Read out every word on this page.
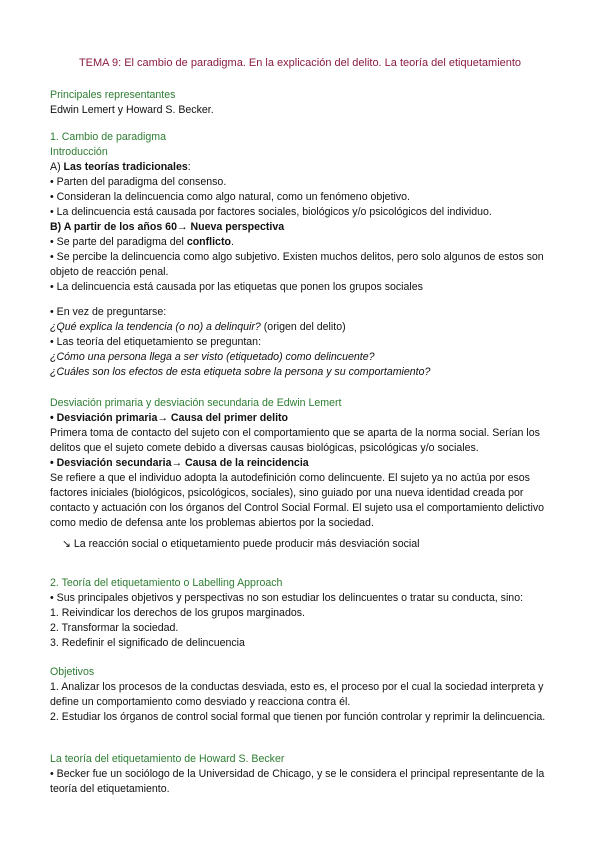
TEMA 9: El cambio de paradigma. En la explicación del delito. La teoría del etiquetamiento
Principales representantes
Edwin Lemert y Howard S. Becker.
1. Cambio de paradigma
Introducción
A) Las teorías tradicionales:
• Parten del paradigma del consenso.
• Consideran la delincuencia como algo natural, como un fenómeno objetivo.
• La delincuencia está causada por factores sociales, biológicos y/o psicológicos del individuo.
B) A partir de los años 60→ Nueva perspectiva
• Se parte del paradigma del conflicto.
• Se percibe la delincuencia como algo subjetivo. Existen muchos delitos, pero solo algunos de estos son objeto de reacción penal.
• La delincuencia está causada por las etiquetas que ponen los grupos sociales
• En vez de preguntarse:
¿Qué explica la tendencia (o no) a delinquir? (origen del delito)
• Las teoría del etiquetamiento se preguntan:
¿Cómo una persona llega a ser visto (etiquetado) como delincuente?
¿Cuáles son los efectos de esta etiqueta sobre la persona y su comportamiento?
Desviación primaria y desviación secundaria de Edwin Lemert
• Desviación primaria→ Causa del primer delito
Primera toma de contacto del sujeto con el comportamiento que se aparta de la norma social. Serían los delitos que el sujeto comete debido a diversas causas biológicas, psicológicas y/o sociales.
• Desviación secundaria→ Causa de la reincidencia
Se refiere a que el individuo adopta la autodefinición como delincuente. El sujeto ya no actúa por esos factores iniciales (biológicos, psicológicos, sociales), sino guiado por una nueva identidad creada por contacto y actuación con los órganos del Control Social Formal. El sujeto usa el comportamiento delictivo como medio de defensa ante los problemas abiertos por la sociedad.
↘ La reacción social o etiquetamiento puede producir más desviación social
2. Teoría del etiquetamiento o Labelling Approach
• Sus principales objetivos y perspectivas no son estudiar los delincuentes o tratar su conducta, sino:
1. Reivindicar los derechos de los grupos marginados.
2. Transformar la sociedad.
3. Redefinir el significado de delincuencia
Objetivos
1. Analizar los procesos de la conductas desviada, esto es, el proceso por el cual la sociedad interpreta y define un comportamiento como desviado y reacciona contra él.
2. Estudiar los órganos de control social formal que tienen por función controlar y reprimir la delincuencia.
La teoría del etiquetamiento de Howard S. Becker
• Becker fue un sociólogo de la Universidad de Chicago, y se le considera el principal representante de la teoría del etiquetamiento.
